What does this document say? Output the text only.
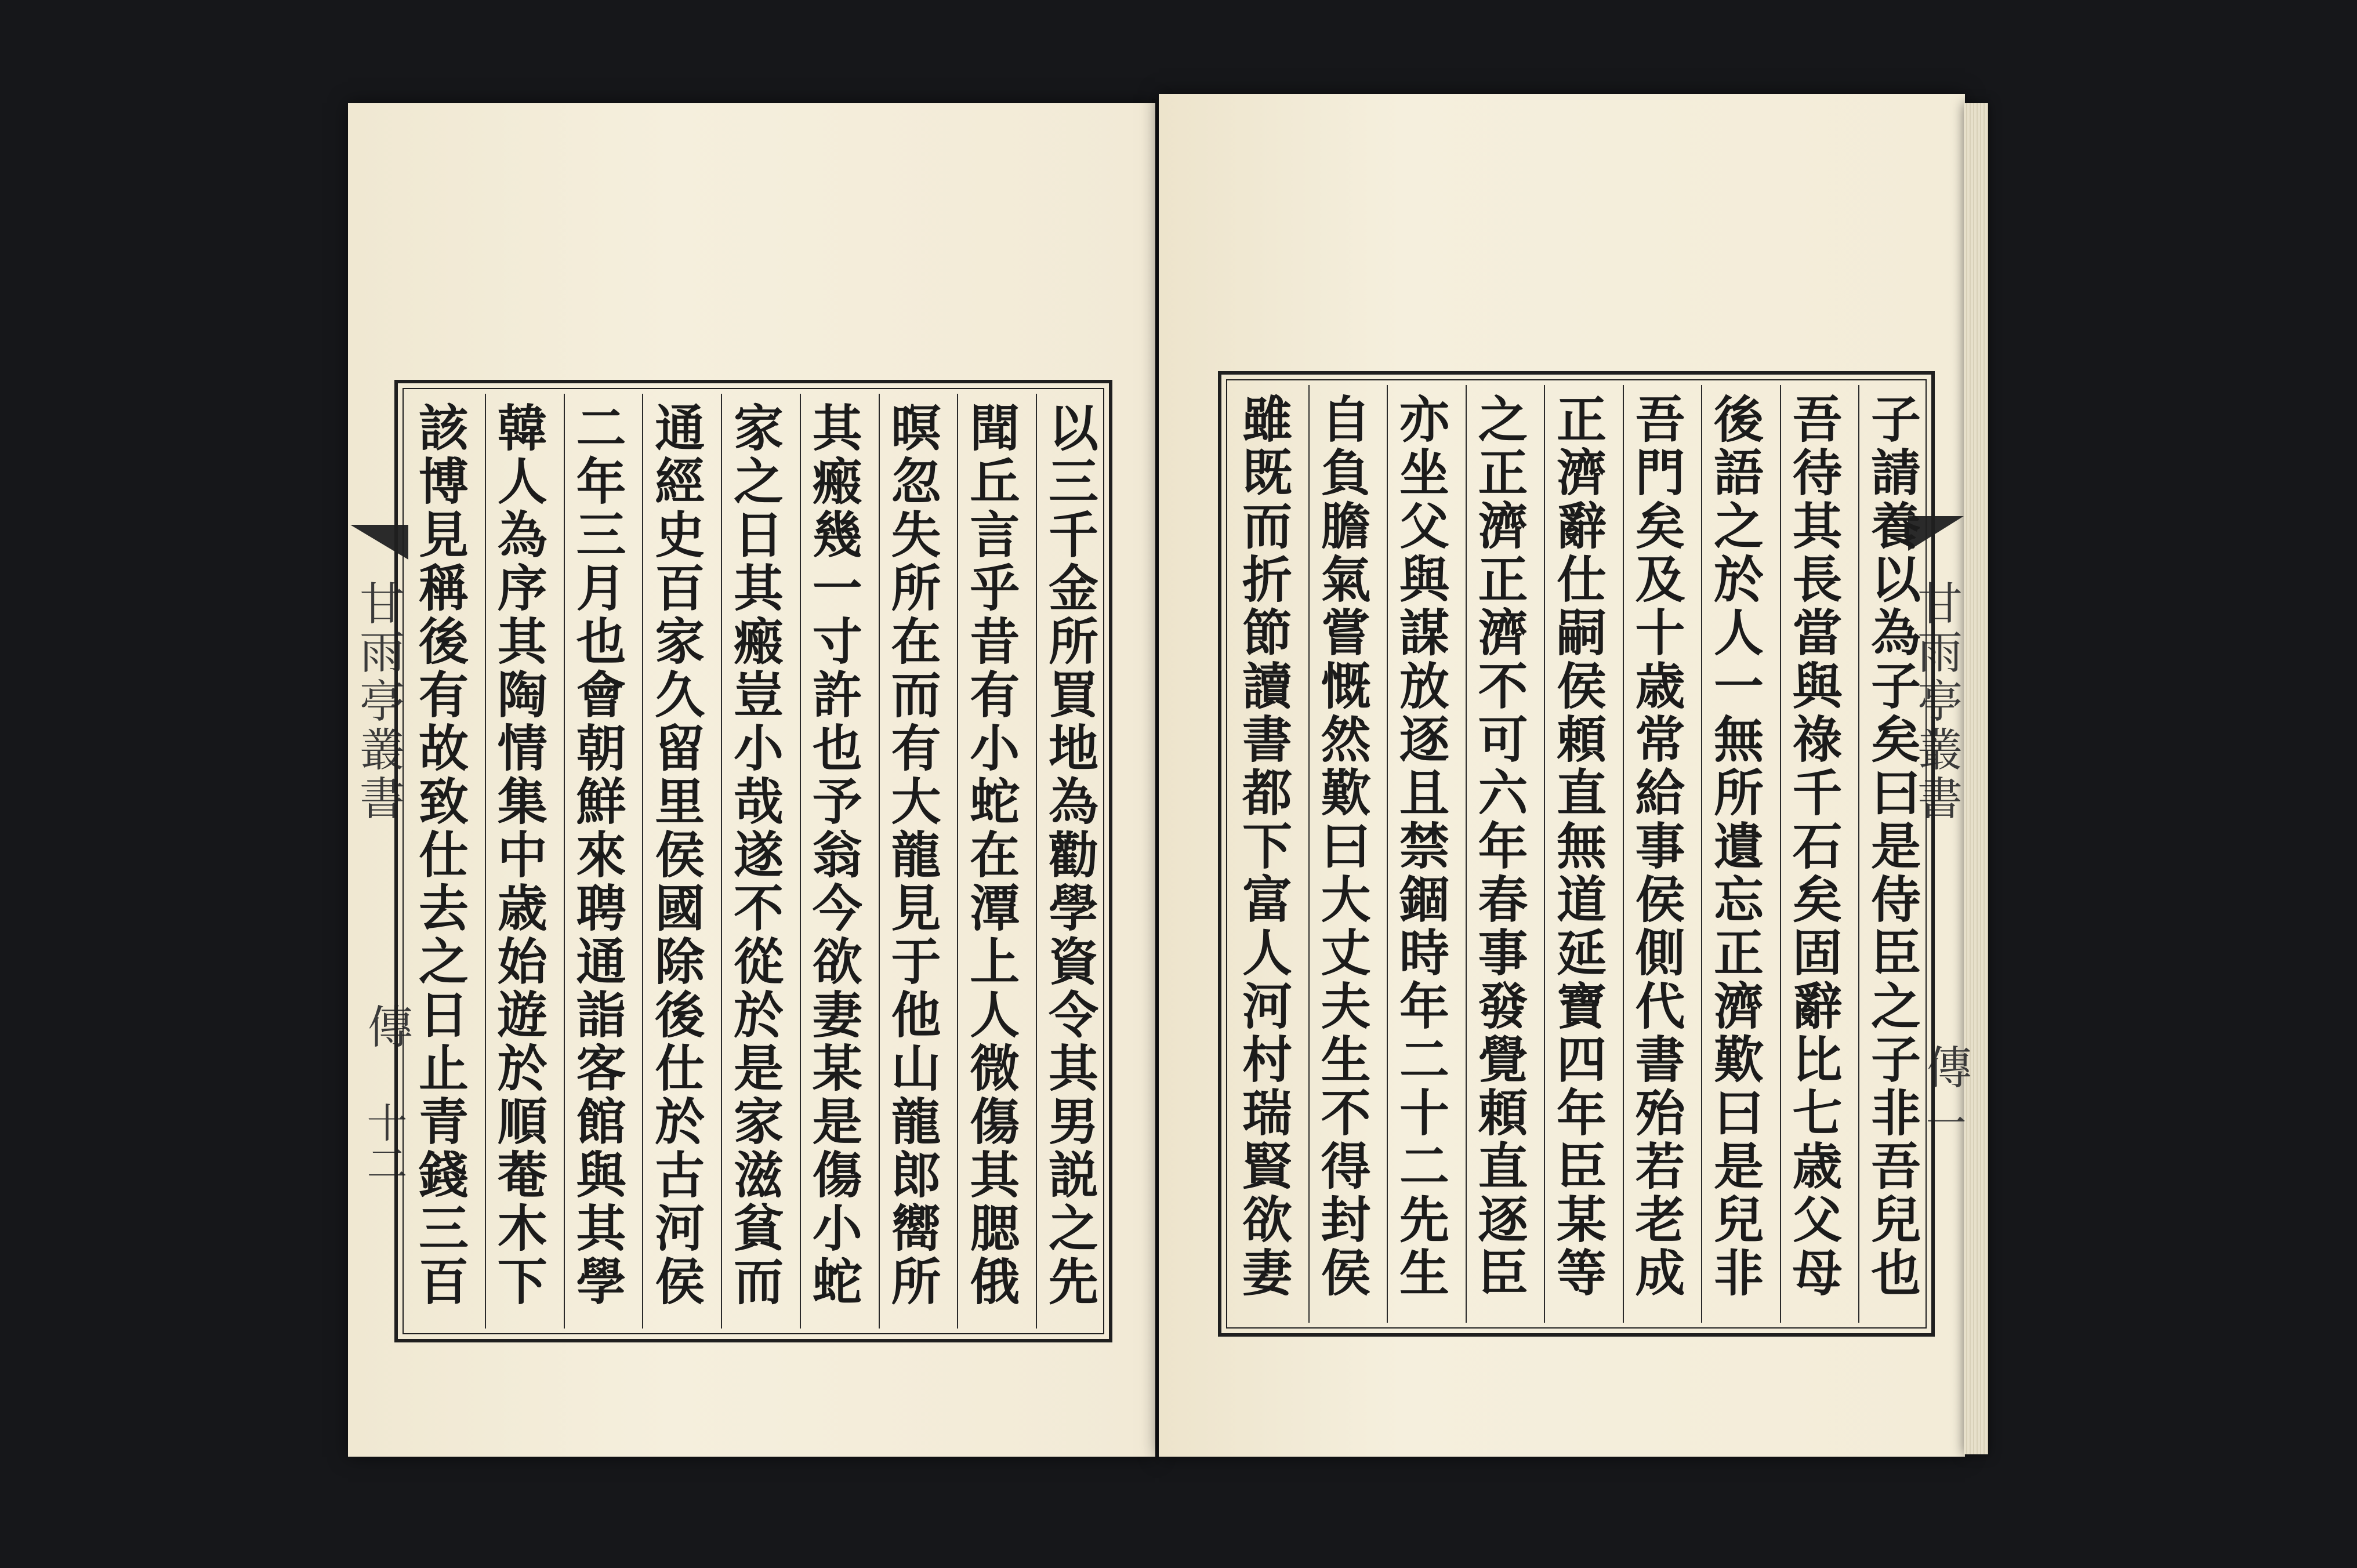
甘雨亭叢書
傳
十二
以三千金所買地為勸學資令其男説之先
聞丘言乎昔有小蛇在潭上人微傷其腮俄
暝忽失所在而有大龍見于他山龍郎嚮所
其瘢幾一寸許也予翁今欲妻某是傷小蛇
家之日其瘢豈小哉遂不從於是家滋貧而
通經史百家久留里侯國除後仕於古河侯
二年三月也會朝鮮來聘通詣客館與其學
韓人為序其陶情集中歳始遊於順菴木下
該博見稱後有故致仕去之日止青錢三百
甘雨亭叢書
傳
一
子請養以為子矣曰是侍臣之子非吾兒也
吾待其長當與祿千石矣固辭比七歳父母
後語之於人一無所遺忘正濟歎曰是兒非
吾門矣及十歳常給事侯側代書殆若老成
正濟辭仕嗣侯頼直無道延寶四年臣某等
之正濟正濟不可六年春事發覺頼直逐臣
亦坐父與謀放逐且禁錮時年二十二先生
自負膽氣嘗慨然歎曰大丈夫生不得封侯
雖既而折節讀書都下富人河村瑞賢欲妻
